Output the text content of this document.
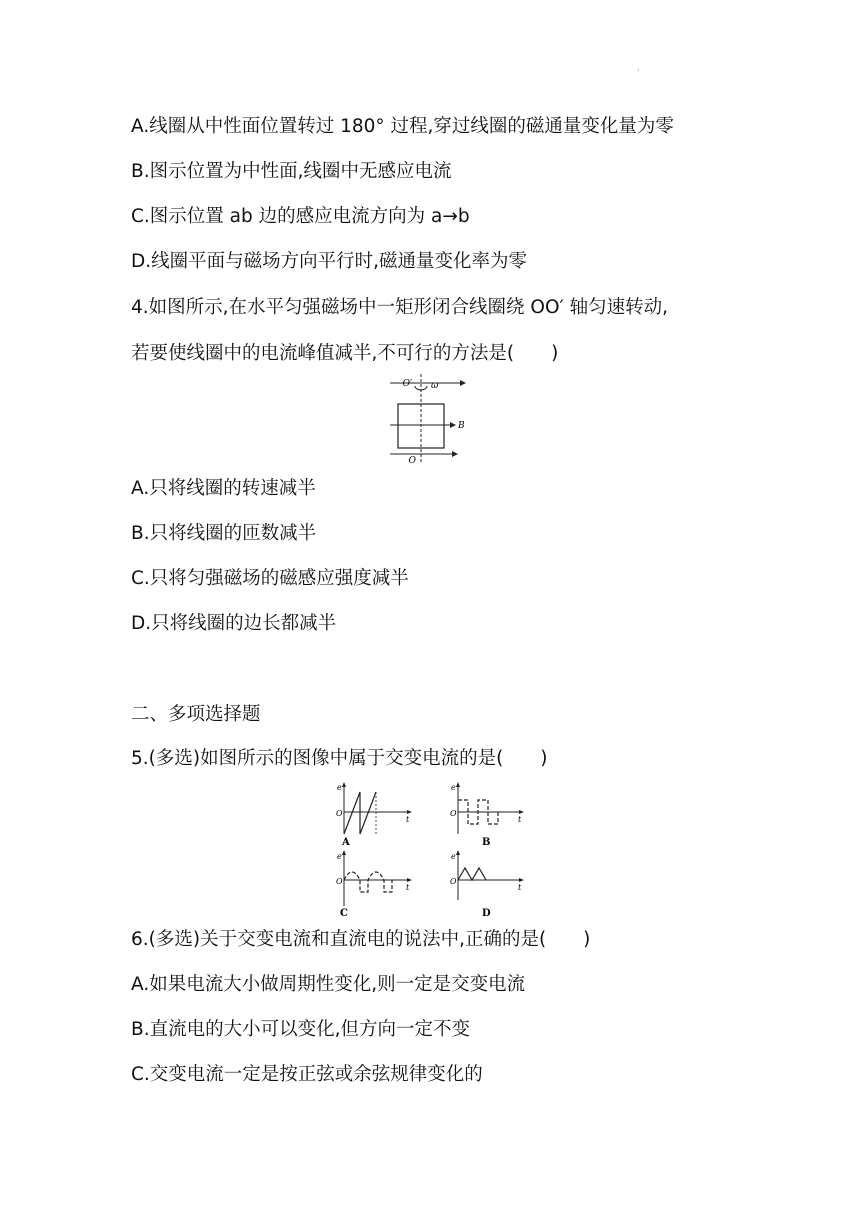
·
A.线圈从中性面位置转过 180° 过程,穿过线圈的磁通量变化量为零
B.图示位置为中性面,线圈中无感应电流
C.图示位置 ab 边的感应电流方向为 a→b
D.线圈平面与磁场方向平行时,磁通量变化率为零
4.如图所示,在水平匀强磁场中一矩形闭合线圈绕 OO′ 轴匀速转动,
若要使线圈中的电流峰值减半,不可行的方法是(　　)
O′ ω
B
O
A.只将线圈的转速减半
B.只将线圈的匝数减半
C.只将匀强磁场的磁感应强度减半
D.只将线圈的边长都减半
二、多项选择题
5.(多选)如图所示的图像中属于交变电流的是(　　)
e
t
O
A
e
t
O
B
e
t
O
C
e
t
O
D
6.(多选)关于交变电流和直流电的说法中,正确的是(　　)
A.如果电流大小做周期性变化,则一定是交变电流
B.直流电的大小可以变化,但方向一定不变
C.交变电流一定是按正弦或余弦规律变化的
